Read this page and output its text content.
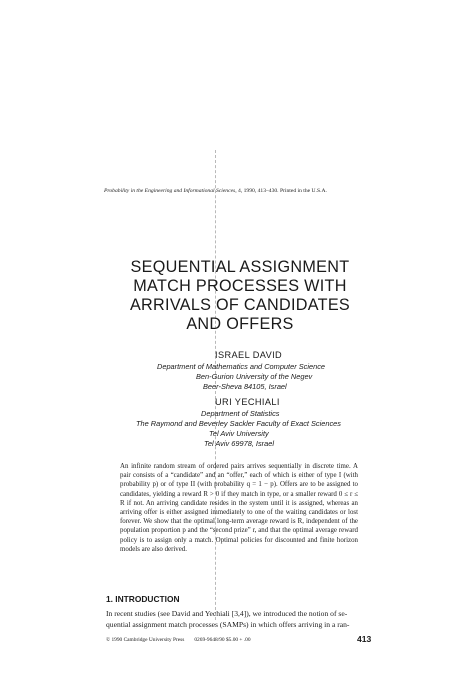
Probability in the Engineering and Informational Sciences, 4, 1990, 413–430. Printed in the U.S.A.
SEQUENTIAL ASSIGNMENT
MATCH PROCESSES WITH
ARRIVALS OF CANDIDATES
AND OFFERS
ISRAEL DAVID
Department of Mathematics and Computer Science
Ben-Gurion University of the Negev
Beer-Sheva 84105, Israel
URI YECHIALI
Department of Statistics
The Raymond and Beverley Sackler Faculty of Exact Sciences
Tel Aviv University
Tel Aviv 69978, Israel
An infinite random stream of ordered pairs arrives sequentially in discrete time. A pair consists of a “candidate” and an “offer,” each of which is either of type I (with probability p) or of type II (with probability q = 1 − p). Offers are to be assigned to candidates, yielding a reward R > 0 if they match in type, or a smaller reward 0 ≤ r ≤ R if not. An arriving candidate resides in the system until it is assigned, whereas an arriving offer is either assigned immediately to one of the waiting candidates or lost forever. We show that the optimal long-term average reward is R, independent of the population proportion p and the “second prize” r, and that the optimal average reward policy is to assign only a match. Optimal policies for discounted and finite horizon models are also derived.
1. INTRODUCTION
In recent studies (see David and Yechiali [3,4]), we introduced the notion of se-
quential assignment match processes (SAMPs) in which offers arriving in a ran-
© 1990 Cambridge University Press 0269-9648/90 $5.00 + .00	413
